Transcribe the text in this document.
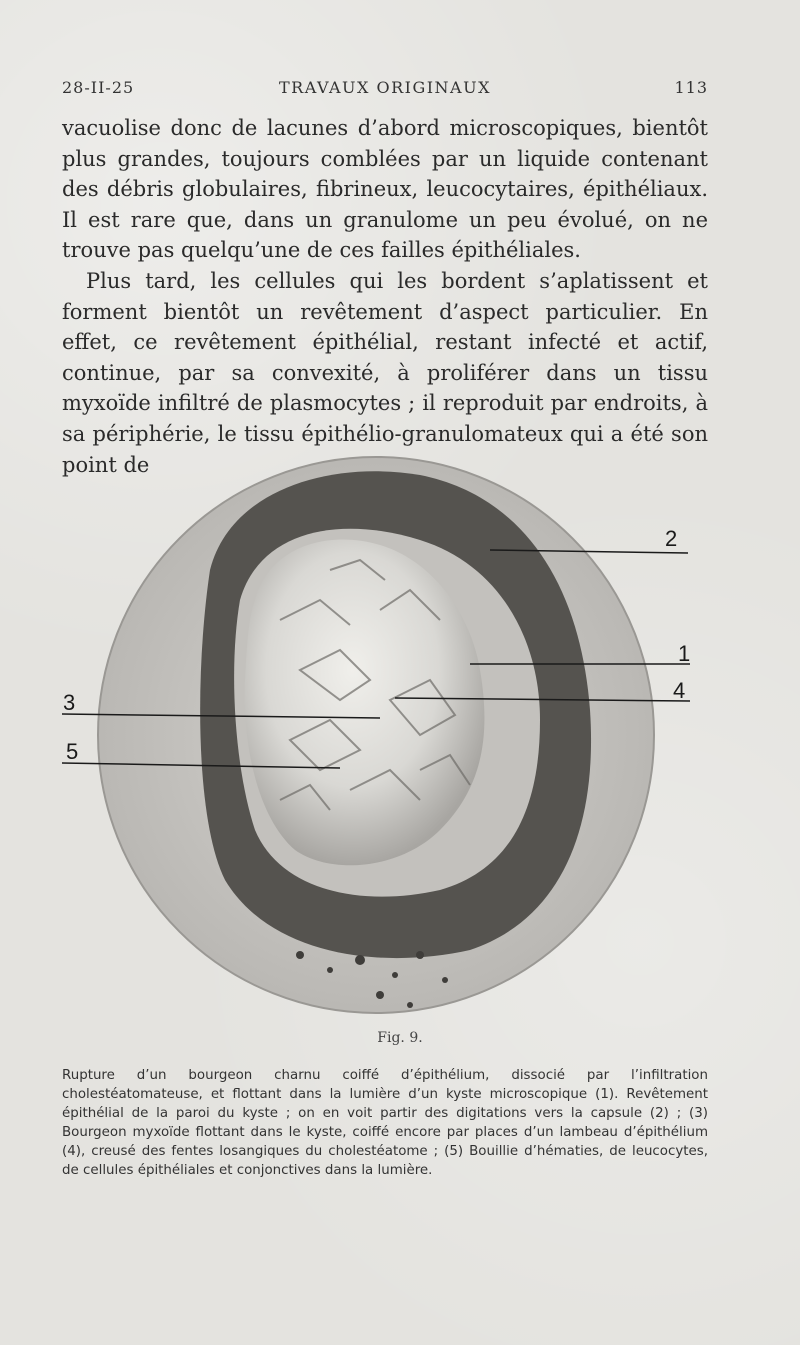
28-II-25	TRAVAUX ORIGINAUX	113

vacuolise donc de lacunes d’abord microscopiques, bientôt plus grandes, toujours comblées par un liquide contenant des débris globulaires, fibrineux, leucocytaires, épithéliaux. Il est rare que, dans un granulome un peu évolué, on ne trouve pas quelqu’une de ces failles épithéliales.

Plus tard, les cellules qui les bordent s’aplatissent et forment bientôt un revêtement d’aspect particulier. En effet, ce revêtement épithélial, restant infecté et actif, continue, par sa convexité, à proliférer dans un tissu myxoïde infiltré de plasmocytes ; il reproduit par endroits, à sa périphérie, le tissu épithélio-granulomateux qui a été son point de

2
1
4
3
5
Fig. 9.
Rupture d’un bourgeon charnu coiffé d’épithélium, dissocié par l’infiltration cholestéatomateuse, et flottant dans la lumière d’un kyste microscopique (1). Revêtement épithélial de la paroi du kyste ; on en voit partir des digitations vers la capsule (2) ; (3) Bourgeon myxoïde flottant dans le kyste, coiffé encore par places d’un lambeau d’épithélium (4), creusé des fentes losangiques du cholestéatome ; (5) Bouillie d’hématies, de leucocytes, de cellules épithéliales et conjonctives dans la lumière.
